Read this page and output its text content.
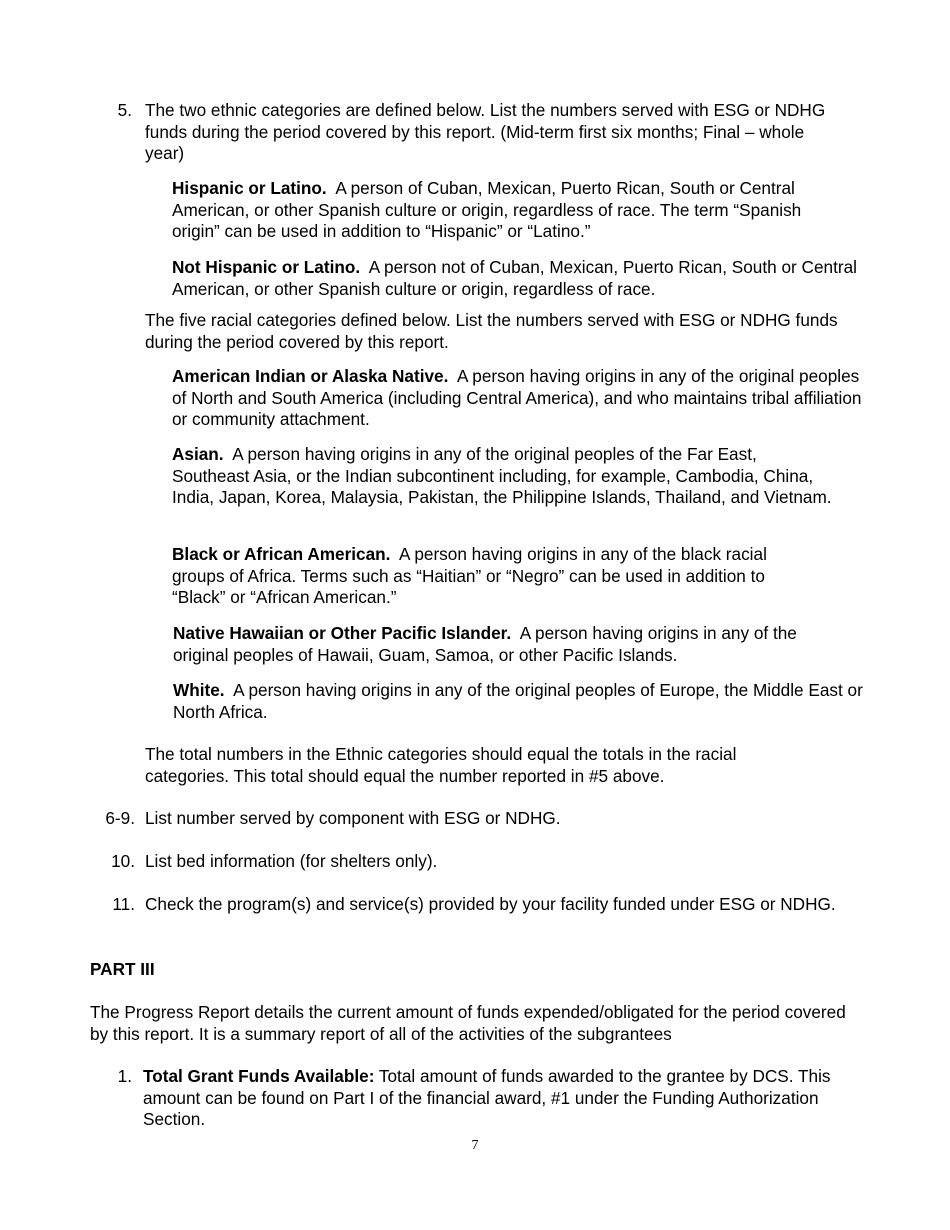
5. The two ethnic categories are defined below. List the numbers served with ESG or NDHG funds during the period covered by this report. (Mid-term first six months; Final – whole year)

Hispanic or Latino. A person of Cuban, Mexican, Puerto Rican, South or Central American, or other Spanish culture or origin, regardless of race. The term “Spanish origin” can be used in addition to “Hispanic” or “Latino.”

Not Hispanic or Latino. A person not of Cuban, Mexican, Puerto Rican, South or Central American, or other Spanish culture or origin, regardless of race.

The five racial categories defined below. List the numbers served with ESG or NDHG funds during the period covered by this report.

American Indian or Alaska Native. A person having origins in any of the original peoples of North and South America (including Central America), and who maintains tribal affiliation or community attachment.

Asian. A person having origins in any of the original peoples of the Far East, Southeast Asia, or the Indian subcontinent including, for example, Cambodia, China, India, Japan, Korea, Malaysia, Pakistan, the Philippine Islands, Thailand, and Vietnam.

Black or African American. A person having origins in any of the black racial groups of Africa. Terms such as “Haitian” or “Negro” can be used in addition to “Black” or “African American.”

Native Hawaiian or Other Pacific Islander. A person having origins in any of the original peoples of Hawaii, Guam, Samoa, or other Pacific Islands.

White. A person having origins in any of the original peoples of Europe, the Middle East or North Africa.

The total numbers in the Ethnic categories should equal the totals in the racial categories. This total should equal the number reported in #5 above.

6-9. List number served by component with ESG or NDHG.

10. List bed information (for shelters only).

11. Check the program(s) and service(s) provided by your facility funded under ESG or NDHG.

PART III

The Progress Report details the current amount of funds expended/obligated for the period covered by this report. It is a summary report of all of the activities of the subgrantees

1. Total Grant Funds Available: Total amount of funds awarded to the grantee by DCS. This amount can be found on Part I of the financial award, #1 under the Funding Authorization Section.

7
